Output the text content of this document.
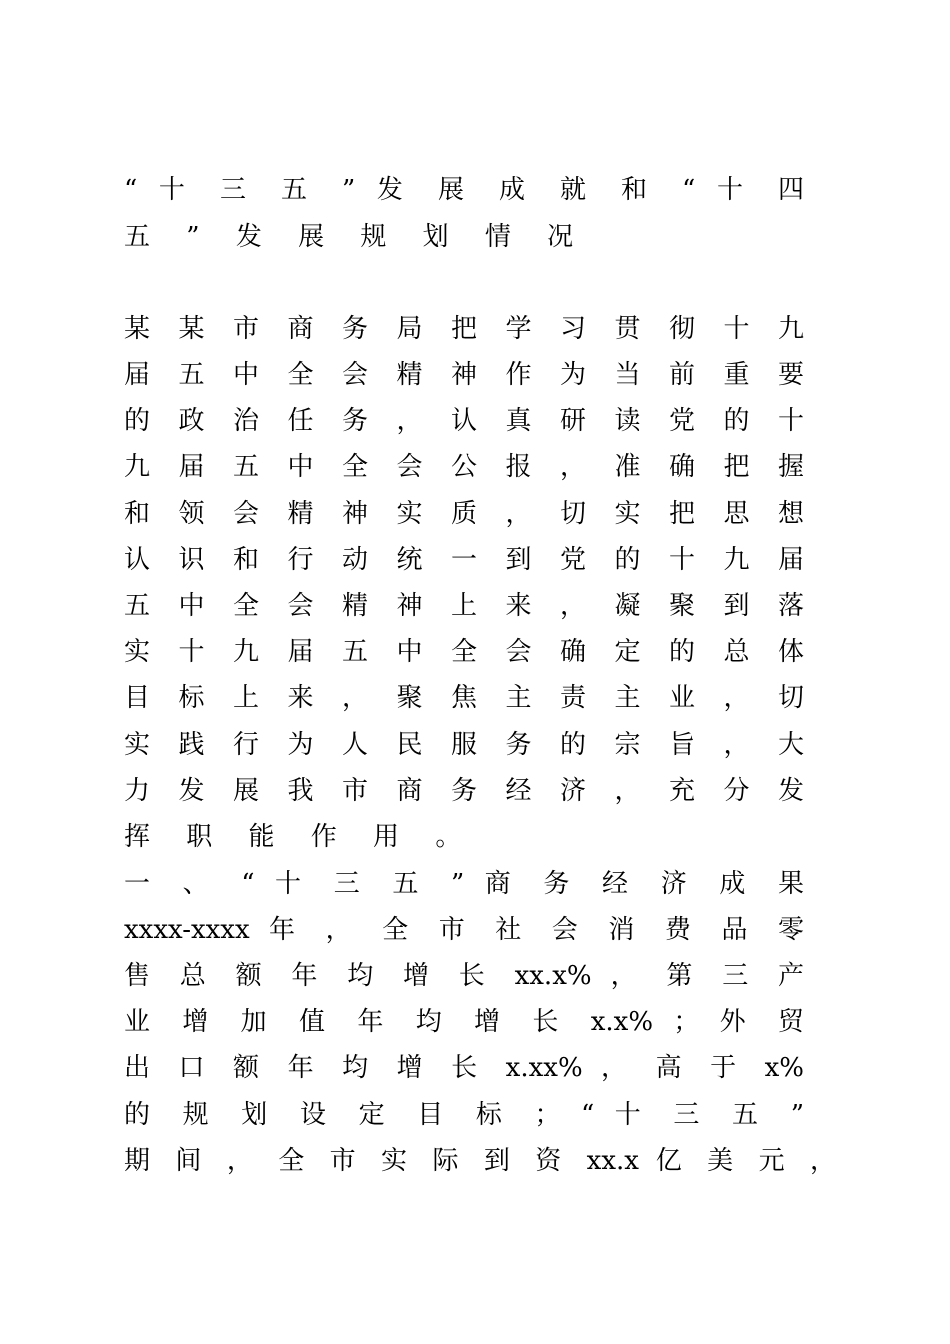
“ 十 三 五 ” 发 展 成 就 和 “ 十 四
五 ” 发 展 规 划 情 况
某 某 市 商 务 局 把 学 习 贯 彻 十 九
届 五 中 全 会 精 神 作 为 当 前 重 要
的 政 治 任 务 ， 认 真 研 读 党 的 十
九 届 五 中 全 会 公 报 ， 准 确 把 握
和 领 会 精 神 实 质 ， 切 实 把 思 想
认 识 和 行 动 统 一 到 党 的 十 九 届
五 中 全 会 精 神 上 来 ， 凝 聚 到 落
实 十 九 届 五 中 全 会 确 定 的 总 体
目 标 上 来 ， 聚 焦 主 责 主 业 ， 切
实 践 行 为 人 民 服 务 的 宗 旨 ， 大
力 发 展 我 市 商 务 经 济 ， 充 分 发
挥 职 能 作 用 。
一 、 “ 十 三 五 ” 商 务 经 济 成 果
xxxx-xxxx 年 ， 全 市 社 会 消 费 品 零
售 总 额 年 均 增 长 xx.x% ， 第 三 产
业 增 加 值 年 均 增 长 x.x% ； 外 贸
出 口 额 年 均 增 长 x.xx% ， 高 于 x%
的 规 划 设 定 目 标 ； “ 十 三 五 ”
期 间 ， 全 市 实 际 到 资 xx.x 亿 美 元 ，
